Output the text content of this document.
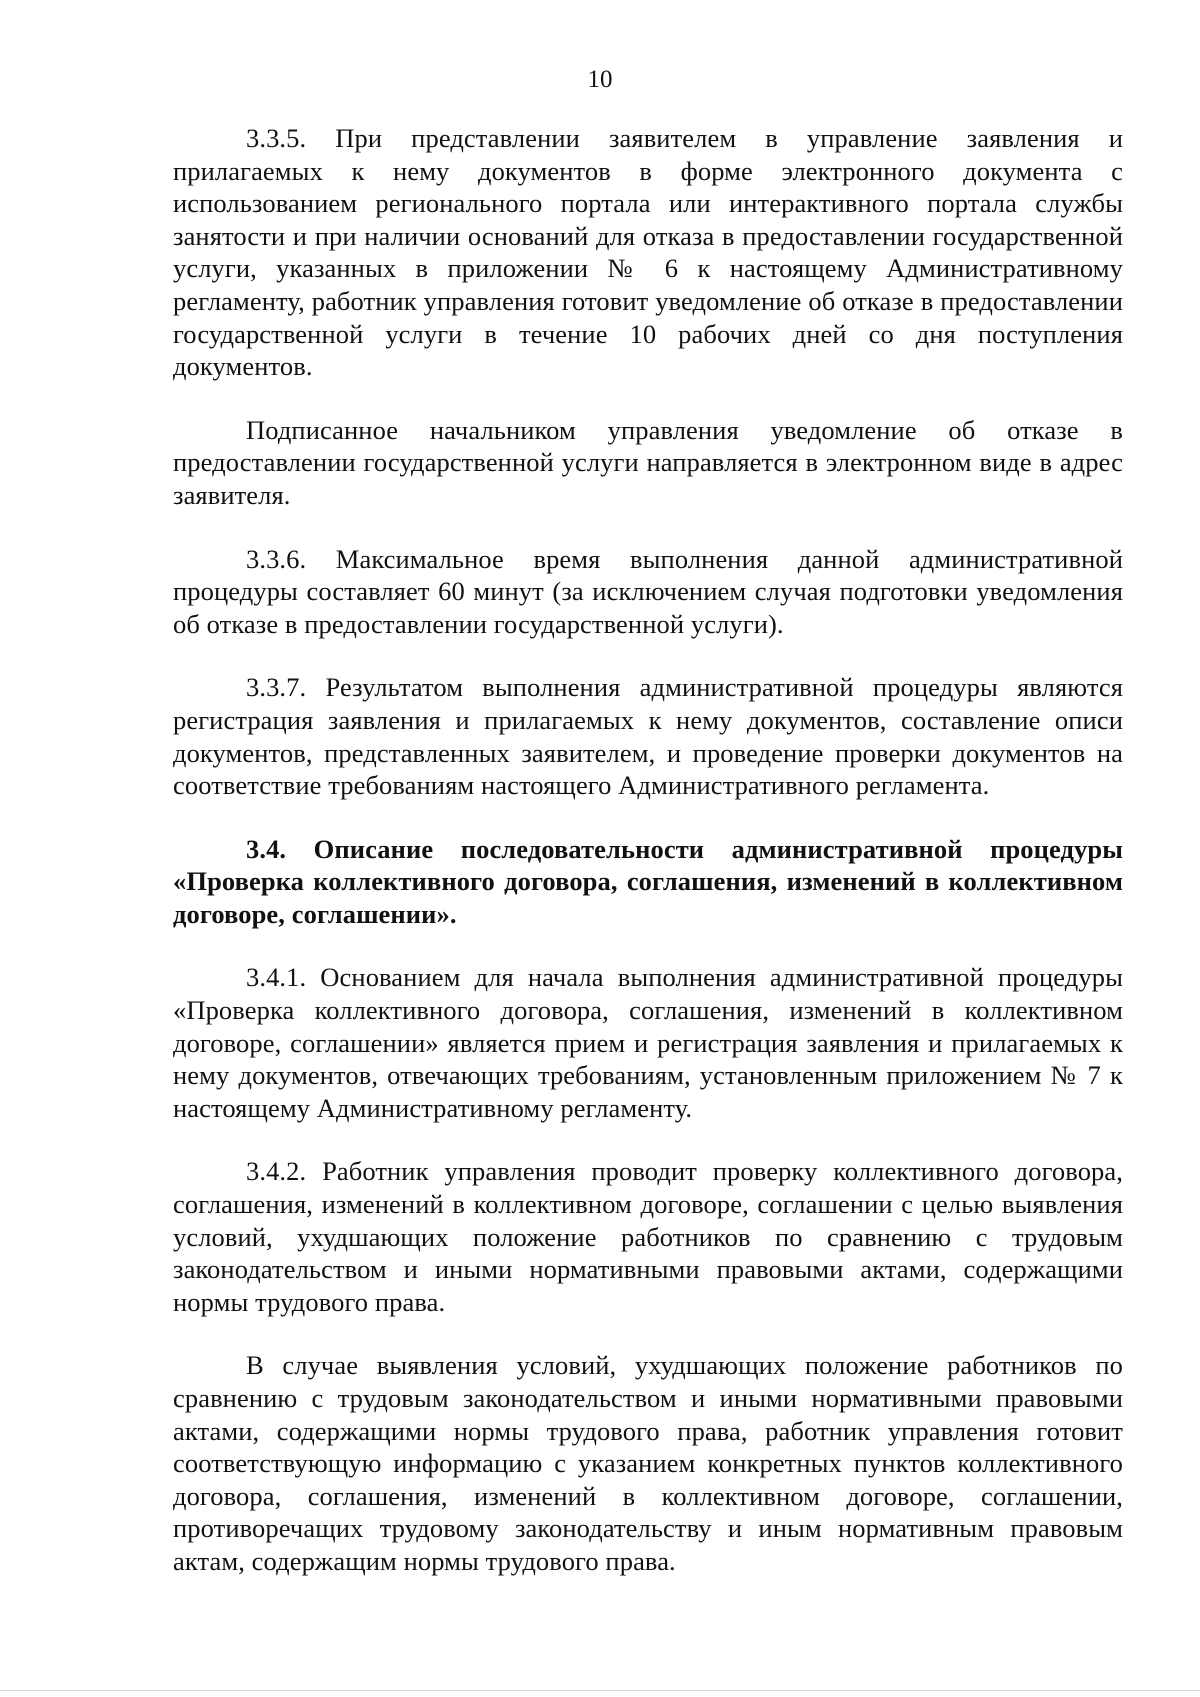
10

3.3.5. При представлении заявителем в управление заявления и прилагаемых к нему документов в форме электронного документа с использованием регионального портала или интерактивного портала службы занятости и при наличии оснований для отказа в предоставлении государственной услуги, указанных в приложении № 6 к настоящему Административному регламенту, работник управления готовит уведомление об отказе в предоставлении государственной услуги в течение 10 рабочих дней со дня поступления документов.

Подписанное начальником управления уведомление об отказе в предоставлении государственной услуги направляется в электронном виде в адрес заявителя.

3.3.6. Максимальное время выполнения данной административной процедуры составляет 60 минут (за исключением случая подготовки уведомления об отказе в предоставлении государственной услуги).

3.3.7. Результатом выполнения административной процедуры являются регистрация заявления и прилагаемых к нему документов, составление описи документов, представленных заявителем, и проведение проверки документов на соответствие требованиям настоящего Административного регламента.

3.4. Описание последовательности административной процедуры «Проверка коллективного договора, соглашения, изменений в коллективном договоре, соглашении».

3.4.1. Основанием для начала выполнения административной процедуры «Проверка коллективного договора, соглашения, изменений в коллективном договоре, соглашении» является прием и регистрация заявления и прилагаемых к нему документов, отвечающих требованиям, установленным приложением № 7 к настоящему Административному регламенту.

3.4.2. Работник управления проводит проверку коллективного договора, соглашения, изменений в коллективном договоре, соглашении с целью выявления условий, ухудшающих положение работников по сравнению с трудовым законодательством и иными нормативными правовыми актами, содержащими нормы трудового права.

В случае выявления условий, ухудшающих положение работников по сравнению с трудовым законодательством и иными нормативными правовыми актами, содержащими нормы трудового права, работник управления готовит соответствующую информацию с указанием конкретных пунктов коллективного договора, соглашения, изменений в коллективном договоре, соглашении, противоречащих трудовому законодательству и иным нормативным правовым актам, содержащим нормы трудового права.
